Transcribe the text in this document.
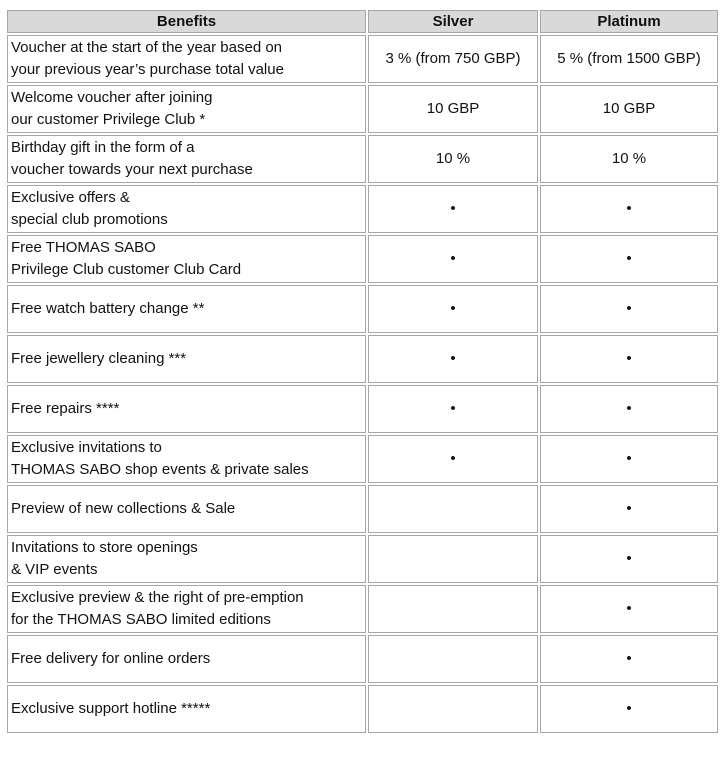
Benefits	Silver	Platinum
Voucher at the start of the year based on
your previous year’s purchase total value	3 % (from 750 GBP)	5 % (from 1500 GBP)
Welcome voucher after joining
our customer Privilege Club *	10 GBP	10 GBP
Birthday gift in the form of a
voucher towards your next purchase	10 %	10 %
Exclusive offers &
special club promotions	•	•
Free THOMAS SABO
Privilege Club customer Club Card	•	•
Free watch battery change **	•	•
Free jewellery cleaning ***	•	•
Free repairs ****	•	•
Exclusive invitations to
THOMAS SABO shop events & private sales	•	•
Preview of new collections & Sale		•
Invitations to store openings
& VIP events		•
Exclusive preview & the right of pre-emption
for the THOMAS SABO limited editions		•
Free delivery for online orders		•
Exclusive support hotline *****		•
